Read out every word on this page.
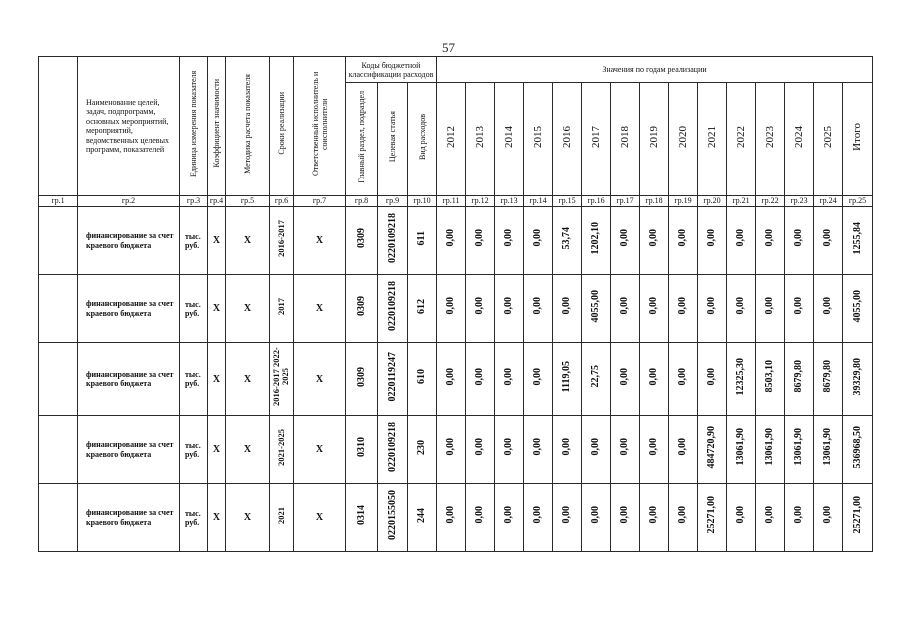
57
	Наименование целей, задач, подпрограмм, основных мероприятий, мероприятий, ведомственных целевых программ, показателей	Единица измерения показателя	Коэффициент значимости	Методика расчета показателя	Сроки реализации	Ответственный исполнитель и соисполнители	Коды бюджетной классификации расходов			Значения по годам реализации														
							Главный раздел, подраздел	Целевая статья	Вид расходов	2012	2013	2014	2015	2016	2017	2018	2019	2020	2021	2022	2023	2024	2025	Итого
гр.1	гр.2	гр.3	гр.4	гр.5	гр.6	гр.7	гр.8	гр.9	гр.10	гр.11	гр.12	гр.13	гр.14	гр.15	гр.16	гр.17	гр.18	гр.19	гр.20	гр.21	гр.22	гр.23	гр.24	гр.25
	финансирование за счет краевого бюджета	тыс. руб.	X	X	2016-2017	X	0309	0220109218	611	0,00	0,00	0,00	0,00	53,74	1202,10	0,00	0,00	0,00	0,00	0,00	0,00	0,00	0,00	1255,84
	финансирование за счет краевого бюджета	тыс. руб.	X	X	2017	X	0309	0220109218	612	0,00	0,00	0,00	0,00	0,00	4055,00	0,00	0,00	0,00	0,00	0,00	0,00	0,00	0,00	4055,00
	финансирование за счет краевого бюджета	тыс. руб.	X	X	2016-2017 2022-2025	X	0309	0220119247	610	0,00	0,00	0,00	0,00	1119,05	22,75	0,00	0,00	0,00	0,00	12325,30	8503,10	8679,80	8679,80	39329,80
	финансирование за счет краевого бюджета	тыс. руб.	X	X	2021-2025	X	0310	0220109218	230	0,00	0,00	0,00	0,00	0,00	0,00	0,00	0,00	0,00	484720,90	13061,90	13061,90	13061,90	13061,90	536968,50
	финансирование за счет краевого бюджета	тыс. руб.	X	X	2021	X	0314	0220155050	244	0,00	0,00	0,00	0,00	0,00	0,00	0,00	0,00	0,00	25271,00	0,00	0,00	0,00	0,00	25271,00
